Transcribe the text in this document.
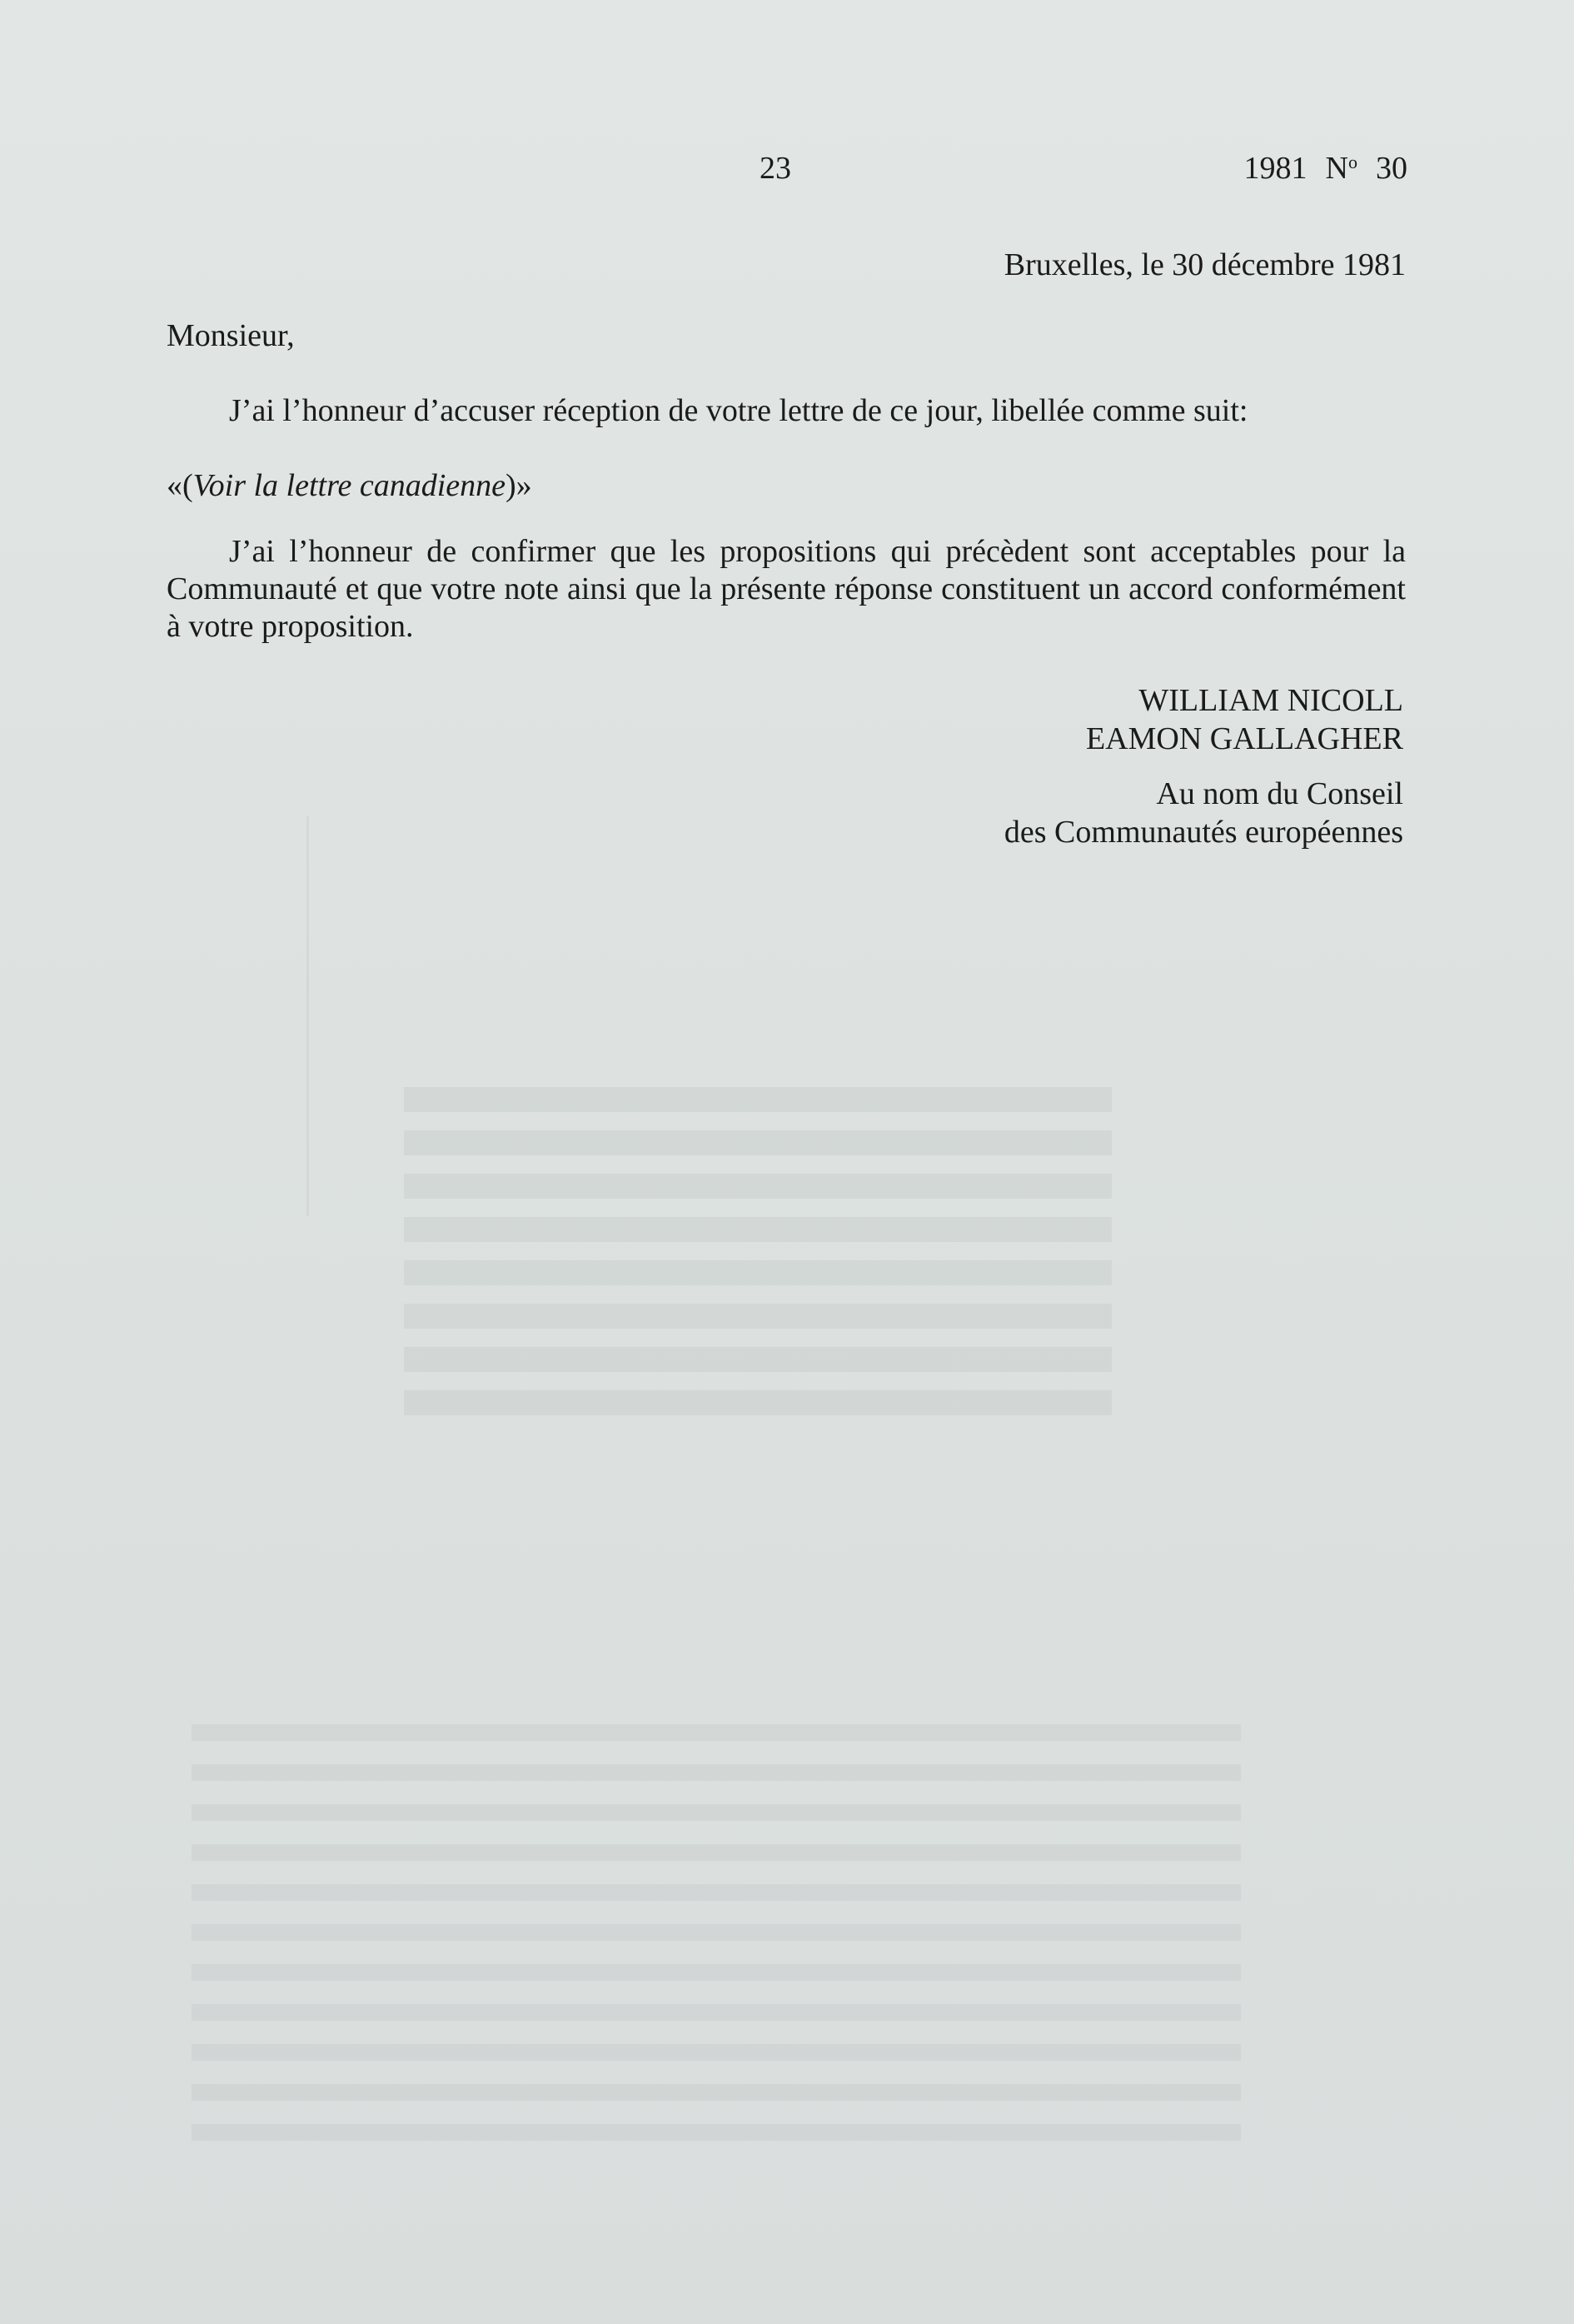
23	1981 $N^o$ 30
Bruxelles, le 30 décembre 1981
Monsieur,
J’ai l’honneur d’accuser réception de votre lettre de ce jour, libellée comme suit:
«(Voir la lettre canadienne)»
J’ai l’honneur de confirmer que les propositions qui précèdent sont acceptables pour la Communauté et que votre note ainsi que la présente réponse constituent un accord conformément à votre proposition.
WILLIAM NICOLL
EAMON GALLAGHER
Au nom du Conseil
des Communautés européennes
